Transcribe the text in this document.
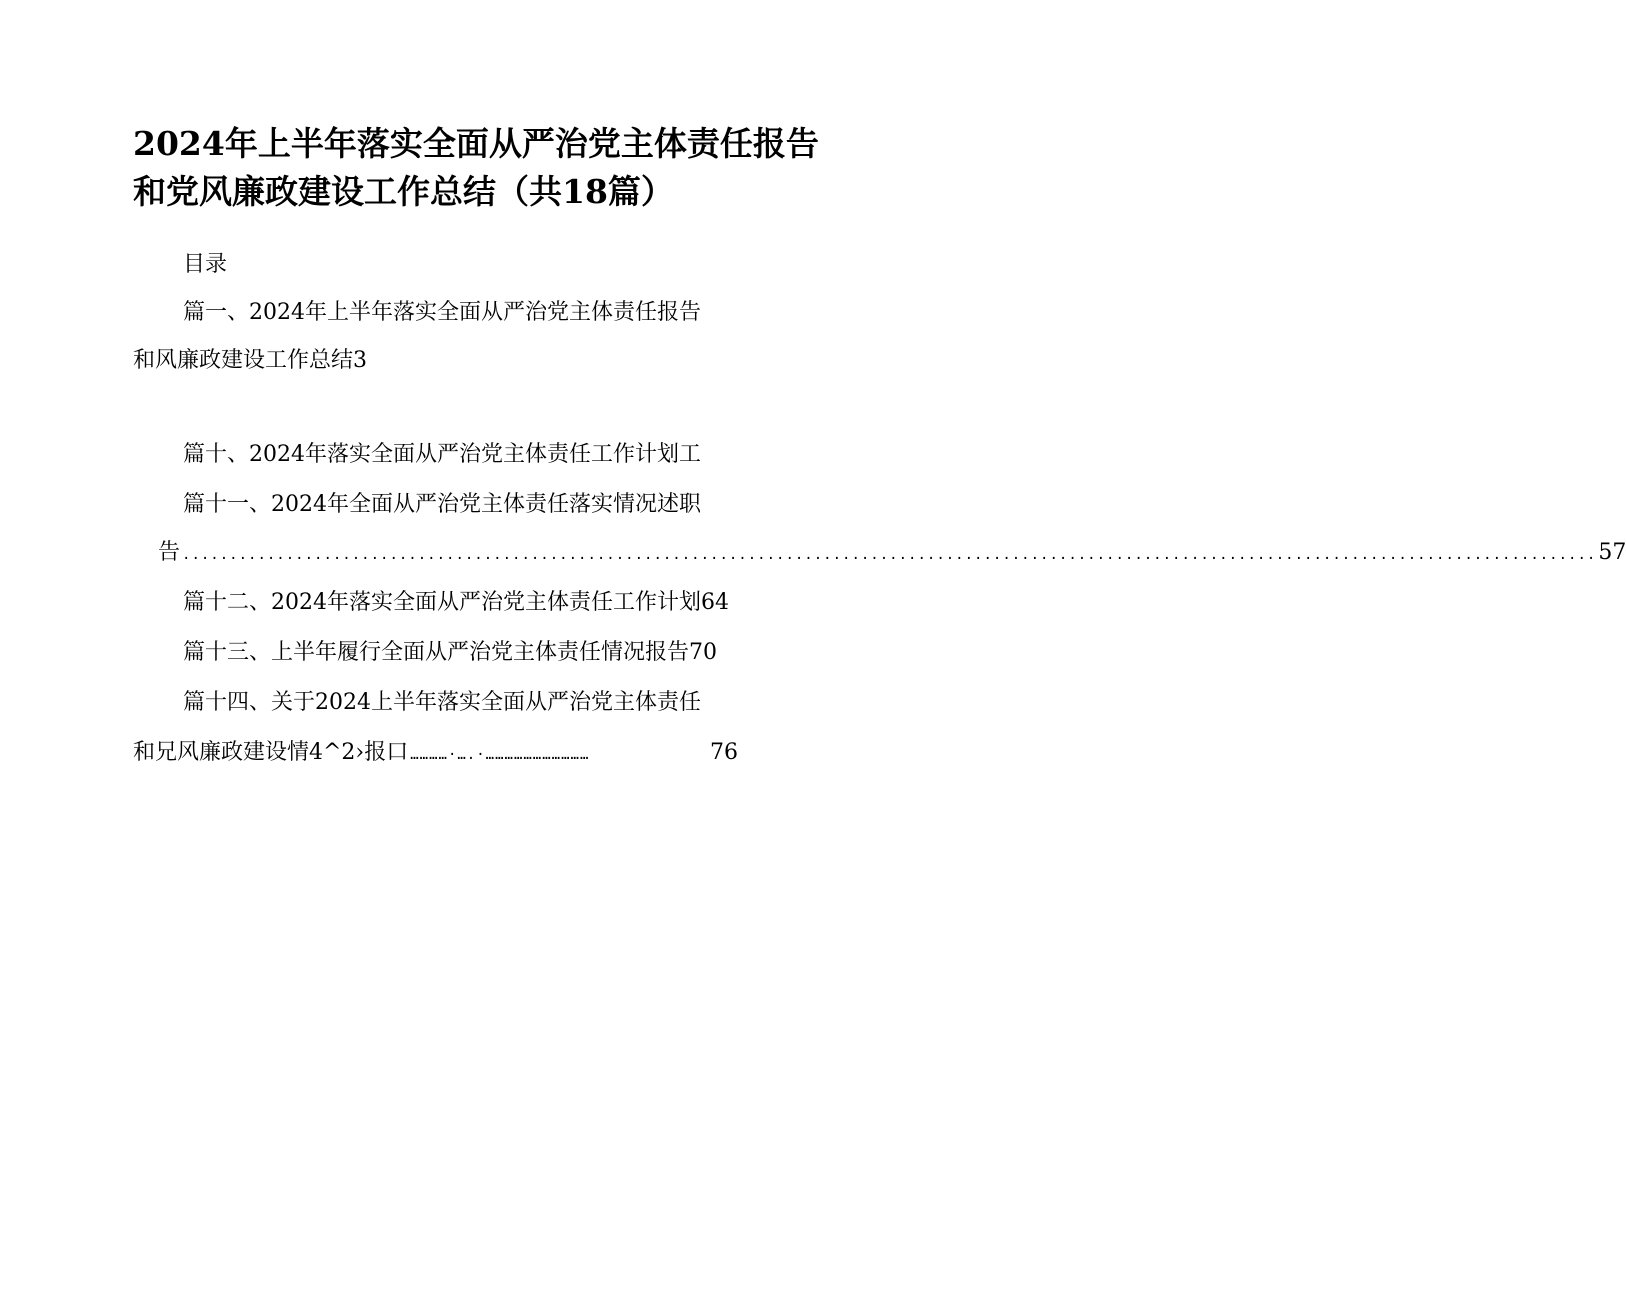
2024年上半年落实全面从严治党主体责任报告
和党风廉政建设工作总结（共18篇）
目录
篇一、2024年上半年落实全面从严治党主体责任报告
和风廉政建设工作总结3
篇十、2024年落实全面从严治党主体责任工作计划工
篇十一、2024年全面从严治党主体责任落实情况述职
告 ...................................................................................................................................................... 57
篇十二、2024年落实全面从严治党主体责任工作计划64
篇十三、上半年履行全面从严治党主体责任情况报告70
篇十四、关于2024上半年落实全面从严治党主体责任
和兄风廉政建设情4^2›报口 …………·….·……………………………	76
